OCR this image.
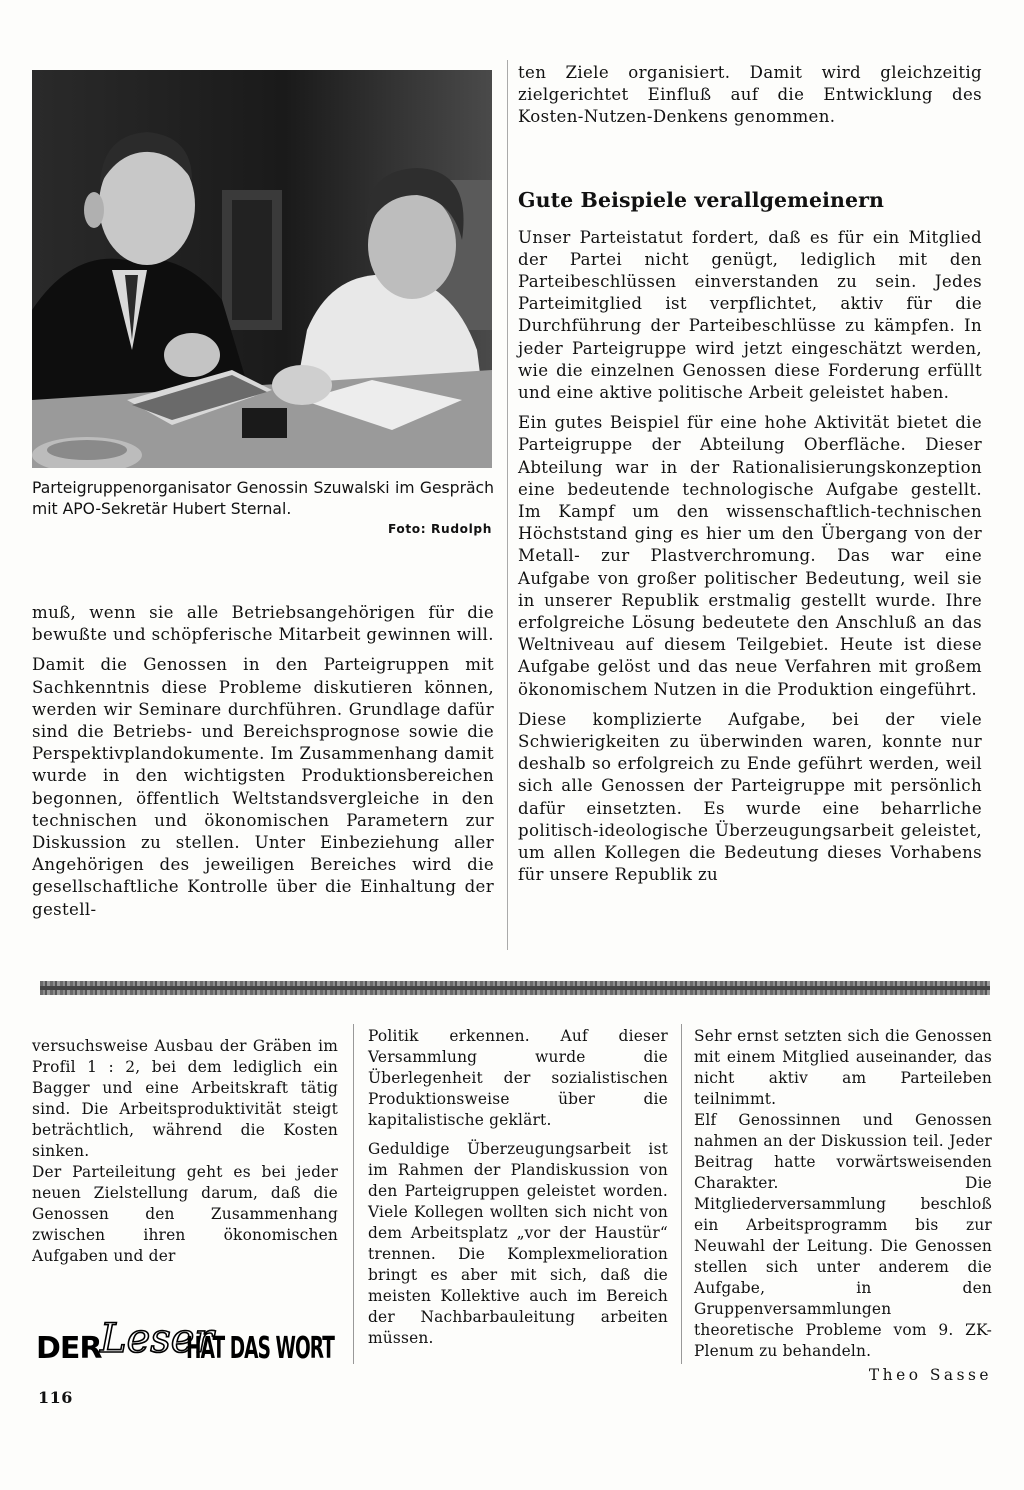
Parteigruppenorganisator Genossin Szuwalski im Gespräch mit APO-Sekretär Hubert Sternal.
Foto: Rudolph

muß, wenn sie alle Betriebsangehörigen für die bewußte und schöpferische Mitarbeit gewinnen will.

Damit die Genossen in den Parteigruppen mit Sachkenntnis diese Probleme diskutieren können, werden wir Seminare durchführen. Grundlage dafür sind die Betriebs- und Bereichsprognose sowie die Perspektivplandokumente. Im Zusammenhang damit wurde in den wichtigsten Produktionsbereichen begonnen, öffentlich Weltstandsvergleiche in den technischen und ökonomischen Parametern zur Diskussion zu stellen. Unter Einbeziehung aller Angehörigen des jeweiligen Bereiches wird die gesellschaftliche Kontrolle über die Einhaltung der gestell-

ten Ziele organisiert. Damit wird gleichzeitig zielgerichtet Einfluß auf die Entwicklung des Kosten-Nutzen-Denkens genommen.

Gute Beispiele verallgemeinern

Unser Parteistatut fordert, daß es für ein Mitglied der Partei nicht genügt, lediglich mit den Parteibeschlüssen einverstanden zu sein. Jedes Parteimitglied ist verpflichtet, aktiv für die Durchführung der Parteibeschlüsse zu kämpfen. In jeder Parteigruppe wird jetzt eingeschätzt werden, wie die einzelnen Genossen diese Forderung erfüllt und eine aktive politische Arbeit geleistet haben.

Ein gutes Beispiel für eine hohe Aktivität bietet die Parteigruppe der Abteilung Oberfläche. Dieser Abteilung war in der Rationalisierungskonzeption eine bedeutende technologische Aufgabe gestellt. Im Kampf um den wissenschaftlich-technischen Höchststand ging es hier um den Übergang von der Metall- zur Plastverchromung. Das war eine Aufgabe von großer politischer Bedeutung, weil sie in unserer Republik erstmalig gestellt wurde. Ihre erfolgreiche Lösung bedeutete den Anschluß an das Weltniveau auf diesem Teilgebiet. Heute ist diese Aufgabe gelöst und das neue Verfahren mit großem ökonomischem Nutzen in die Produktion eingeführt.

Diese komplizierte Aufgabe, bei der viele Schwierigkeiten zu überwinden waren, konnte nur deshalb so erfolgreich zu Ende geführt werden, weil sich alle Genossen der Parteigruppe mit persönlich dafür einsetzten. Es wurde eine beharrliche politisch-ideologische Überzeugungsarbeit geleistet, um allen Kollegen die Bedeutung dieses Vorhabens für unsere Republik zu

versuchsweise Ausbau der Gräben im Profil 1 : 2, bei dem lediglich ein Bagger und eine Arbeitskraft tätig sind. Die Arbeitsproduktivität steigt beträchtlich, während die Kosten sinken.

Der Parteileitung geht es bei jeder neuen Zielstellung darum, daß die Genossen den Zusammenhang zwischen ihren ökonomischen Aufgaben und der

Politik erkennen. Auf dieser Versammlung wurde die Überlegenheit der sozialistischen Produktionsweise über die kapitalistische geklärt.

Geduldige Überzeugungsarbeit ist im Rahmen der Plandiskussion von den Parteigruppen geleistet worden. Viele Kollegen wollten sich nicht von dem Arbeitsplatz „vor der Haustür“ trennen. Die Komplexmelioration bringt es aber mit sich, daß die meisten Kollektive auch im Bereich der Nachbarbauleitung arbeiten müssen.

Sehr ernst setzten sich die Genossen mit einem Mitglied auseinander, das nicht aktiv am Parteileben teilnimmt.

Elf Genossinnen und Genossen nahmen an der Diskussion teil. Jeder Beitrag hatte vorwärtsweisenden Charakter. Die Mitgliederversammlung beschloß ein Arbeitsprogramm bis zur Neuwahl der Leitung. Die Genossen stellen sich unter anderem die Aufgabe, in den Gruppenversammlungen theoretische Probleme vom 9. ZK-Plenum zu behandeln.

Theo Sasse
DER
Leser
HAT DAS WORT
116
